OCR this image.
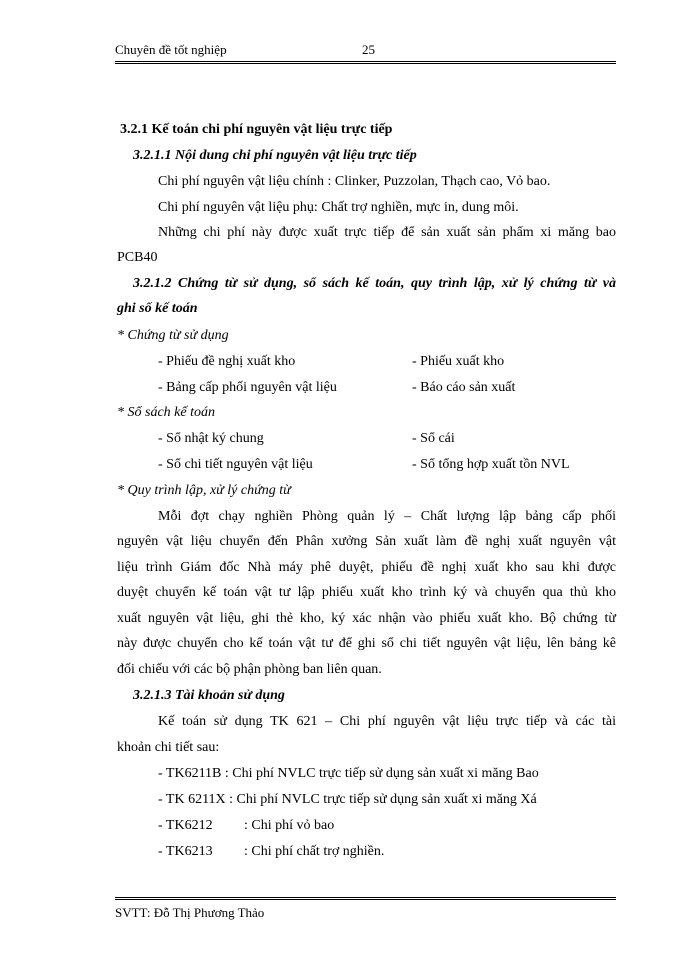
Chuyên đề tốt nghiệp	25
3.2.1 Kế toán chi phí nguyên vật liệu trực tiếp
3.2.1.1 Nội dung chi phí nguyên vật liệu trực tiếp
Chi phí nguyên vật liệu chính : Clinker, Puzzolan, Thạch cao, Vỏ bao.
Chi phí nguyên vật liệu phụ: Chất trợ nghiền, mực in, dung môi.
Những chi phí này được xuất trực tiếp để sản xuất sản phẩm xi măng bao
PCB40
3.2.1.2 Chứng từ sử dụng, sổ sách kế toán, quy trình lập, xử lý chứng từ và
ghi sổ kế toán
* Chứng từ sử dụng
- Phiếu đề nghị xuất kho	- Phiếu xuất kho
- Bảng cấp phối nguyên vật liệu	- Báo cáo sản xuất
* Sổ sách kế toán
- Sổ nhật ký chung	- Sổ cái
- Sổ chi tiết nguyên vật liệu	- Sổ tổng hợp xuất tồn NVL
* Quy trình lập, xử lý chứng từ
Mỗi đợt chạy nghiền Phòng quản lý – Chất lượng lập bảng cấp phối
nguyên vật liệu chuyển đến Phân xưởng Sản xuất làm đề nghị xuất nguyên vật
liệu trình Giám đốc Nhà máy phê duyệt, phiếu đề nghị xuất kho sau khi được
duyệt chuyển kế toán vật tư lập phiếu xuất kho trình ký và chuyển qua thủ kho
xuất nguyên vật liệu, ghi thẻ kho, ký xác nhận vào phiếu xuất kho. Bộ chứng từ
này được chuyển cho kế toán vật tư để ghi sổ chi tiết nguyên vật liệu, lên bảng kê
đối chiếu với các bộ phận phòng ban liên quan.
3.2.1.3 Tài khoản sử dụng
Kế toán sử dụng TK 621 – Chi phí nguyên vật liệu trực tiếp và các tài
khoản chi tiết sau:
- TK6211B : Chi phí NVLC trực tiếp sử dụng sản xuất xi măng Bao
- TK 6211X : Chi phí NVLC trực tiếp sử dụng sản xuất xi măng Xá
- TK6212 : Chi phí vỏ bao
- TK6213 : Chi phí chất trợ nghiền.
SVTT: Đỗ Thị Phương Thảo
